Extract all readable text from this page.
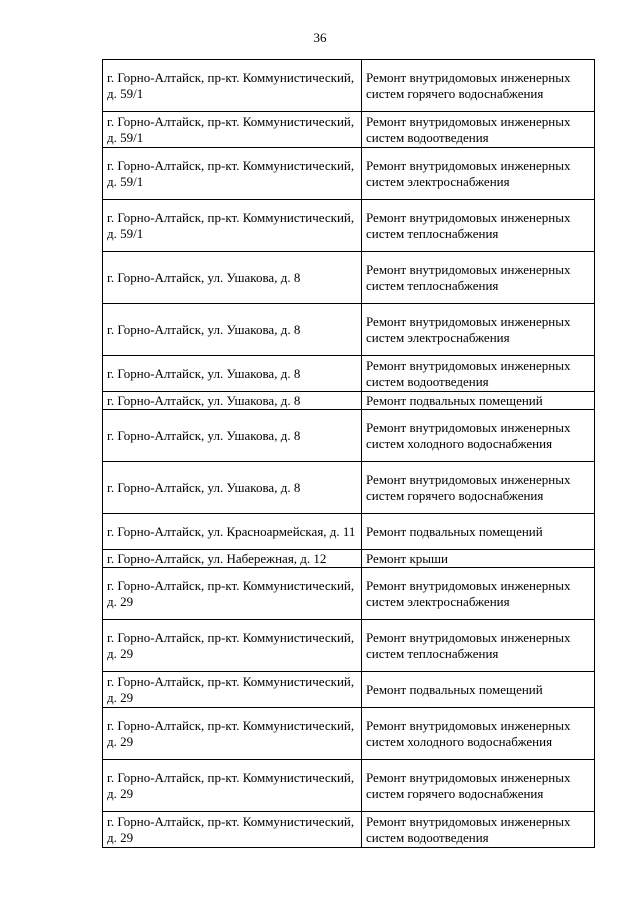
36
г. Горно-Алтайск, пр-кт. Коммунистический, д. 59/1	Ремонт внутридомовых инженерных систем горячего водоснабжения
г. Горно-Алтайск, пр-кт. Коммунистический, д. 59/1	Ремонт внутридомовых инженерных систем водоотведения
г. Горно-Алтайск, пр-кт. Коммунистический, д. 59/1	Ремонт внутридомовых инженерных систем электроснабжения
г. Горно-Алтайск, пр-кт. Коммунистический, д. 59/1	Ремонт внутридомовых инженерных систем теплоснабжения
г. Горно-Алтайск, ул. Ушакова, д. 8	Ремонт внутридомовых инженерных систем теплоснабжения
г. Горно-Алтайск, ул. Ушакова, д. 8	Ремонт внутридомовых инженерных систем электроснабжения
г. Горно-Алтайск, ул. Ушакова, д. 8	Ремонт внутридомовых инженерных систем водоотведения
г. Горно-Алтайск, ул. Ушакова, д. 8	Ремонт подвальных помещений
г. Горно-Алтайск, ул. Ушакова, д. 8	Ремонт внутридомовых инженерных систем холодного водоснабжения
г. Горно-Алтайск, ул. Ушакова, д. 8	Ремонт внутридомовых инженерных систем горячего водоснабжения
г. Горно-Алтайск, ул. Красноармейская, д. 11	Ремонт подвальных помещений
г. Горно-Алтайск, ул. Набережная, д. 12	Ремонт крыши
г. Горно-Алтайск, пр-кт. Коммунистический, д. 29	Ремонт внутридомовых инженерных систем электроснабжения
г. Горно-Алтайск, пр-кт. Коммунистический, д. 29	Ремонт внутридомовых инженерных систем теплоснабжения
г. Горно-Алтайск, пр-кт. Коммунистический, д. 29	Ремонт подвальных помещений
г. Горно-Алтайск, пр-кт. Коммунистический, д. 29	Ремонт внутридомовых инженерных систем холодного водоснабжения
г. Горно-Алтайск, пр-кт. Коммунистический, д. 29	Ремонт внутридомовых инженерных систем горячего водоснабжения
г. Горно-Алтайск, пр-кт. Коммунистический, д. 29	Ремонт внутридомовых инженерных систем водоотведения
